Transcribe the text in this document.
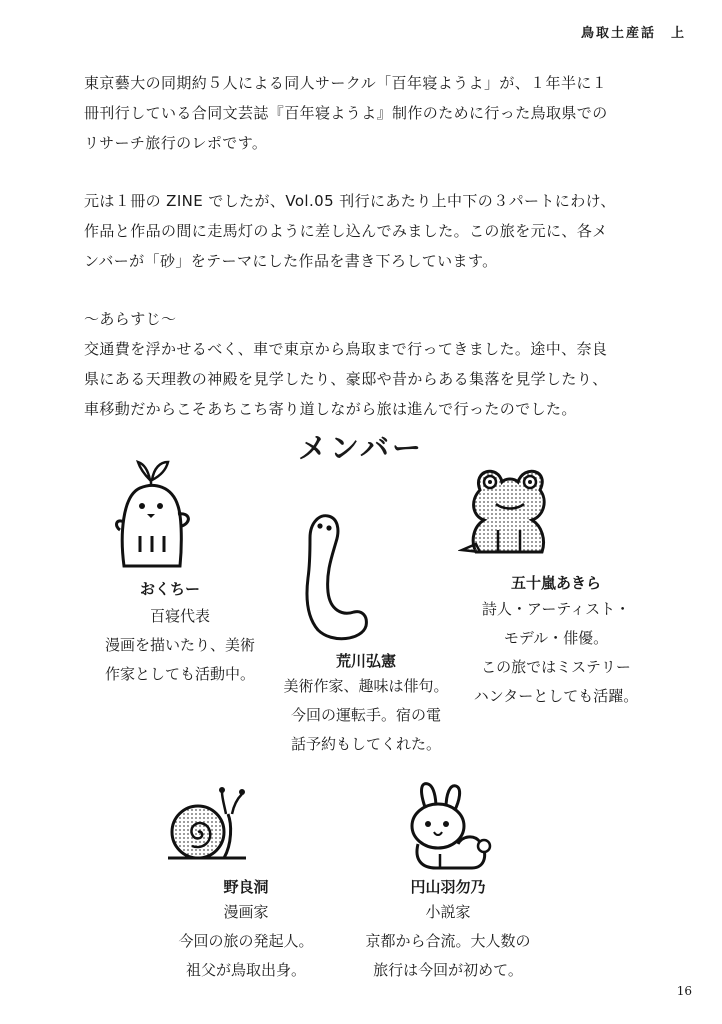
鳥取土産話　上

東京藝大の同期約５人による同人サークル「百年寝ようよ」が、１年半に１
冊刊行している合同文芸誌『百年寝ようよ』制作のために行った鳥取県での
リサーチ旅行のレポです。

元は１冊の ZINE でしたが、Vol.05 刊行にあたり上中下の３パートにわけ、
作品と作品の間に走馬灯のように差し込んでみました。この旅を元に、各メ
ンバーが「砂」をテーマにした作品を書き下ろしています。

〜あらすじ〜
交通費を浮かせるべく、車で東京から鳥取まで行ってきました。途中、奈良
県にある天理教の神殿を見学したり、豪邸や昔からある集落を見学したり、
車移動だからこそあちこち寄り道しながら旅は進んで行ったのでした。

メンバー
おくちー
百寝代表
漫画を描いたり、美術
作家としても活動中。
荒川弘憲
美術作家、趣味は俳句。
今回の運転手。宿の電
話予約もしてくれた。
五十嵐あきら
詩人・アーティスト・
モデル・俳優。
この旅ではミステリー
ハンターとしても活躍。
野良洞
漫画家
今回の旅の発起人。
祖父が鳥取出身。
円山羽勿乃
小説家
京都から合流。大人数の
旅行は今回が初めて。
16
